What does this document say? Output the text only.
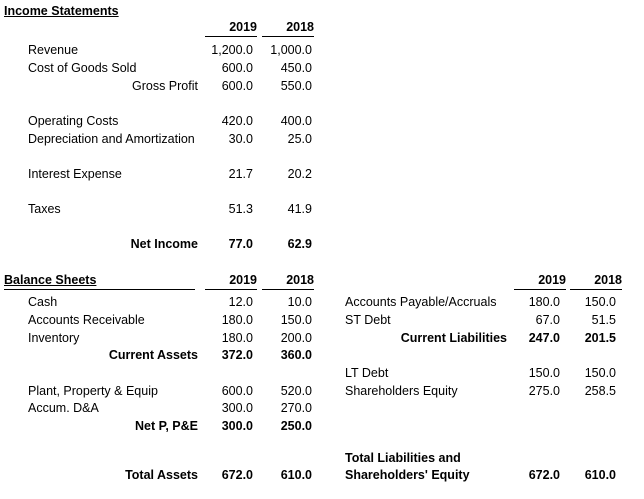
Income Statements
2019	2018
Revenue	1,200.0	1,000.0
Cost of Goods Sold	600.0	450.0
Gross Profit	600.0	550.0
Operating Costs	420.0	400.0
Depreciation and Amortization	30.0	25.0
Interest Expense	21.7	20.2
Taxes	51.3	41.9
Net Income	77.0	62.9
Balance Sheets	2019	2018	2019	2018
Cash	12.0	10.0
Accounts Receivable	180.0	150.0
Inventory	180.0	200.0
Current Assets	372.0	360.0
Plant, Property & Equip	600.0	520.0
Accum. D&A	300.0	270.0
Net P, P&E	300.0	250.0
Total Assets	672.0	610.0
Accounts Payable/Accruals	180.0	150.0
ST Debt	67.0	51.5
Current Liabilities	247.0	201.5
LT Debt	150.0	150.0
Shareholders Equity	275.0	258.5
Total Liabilities and
Shareholders' Equity	672.0	610.0
